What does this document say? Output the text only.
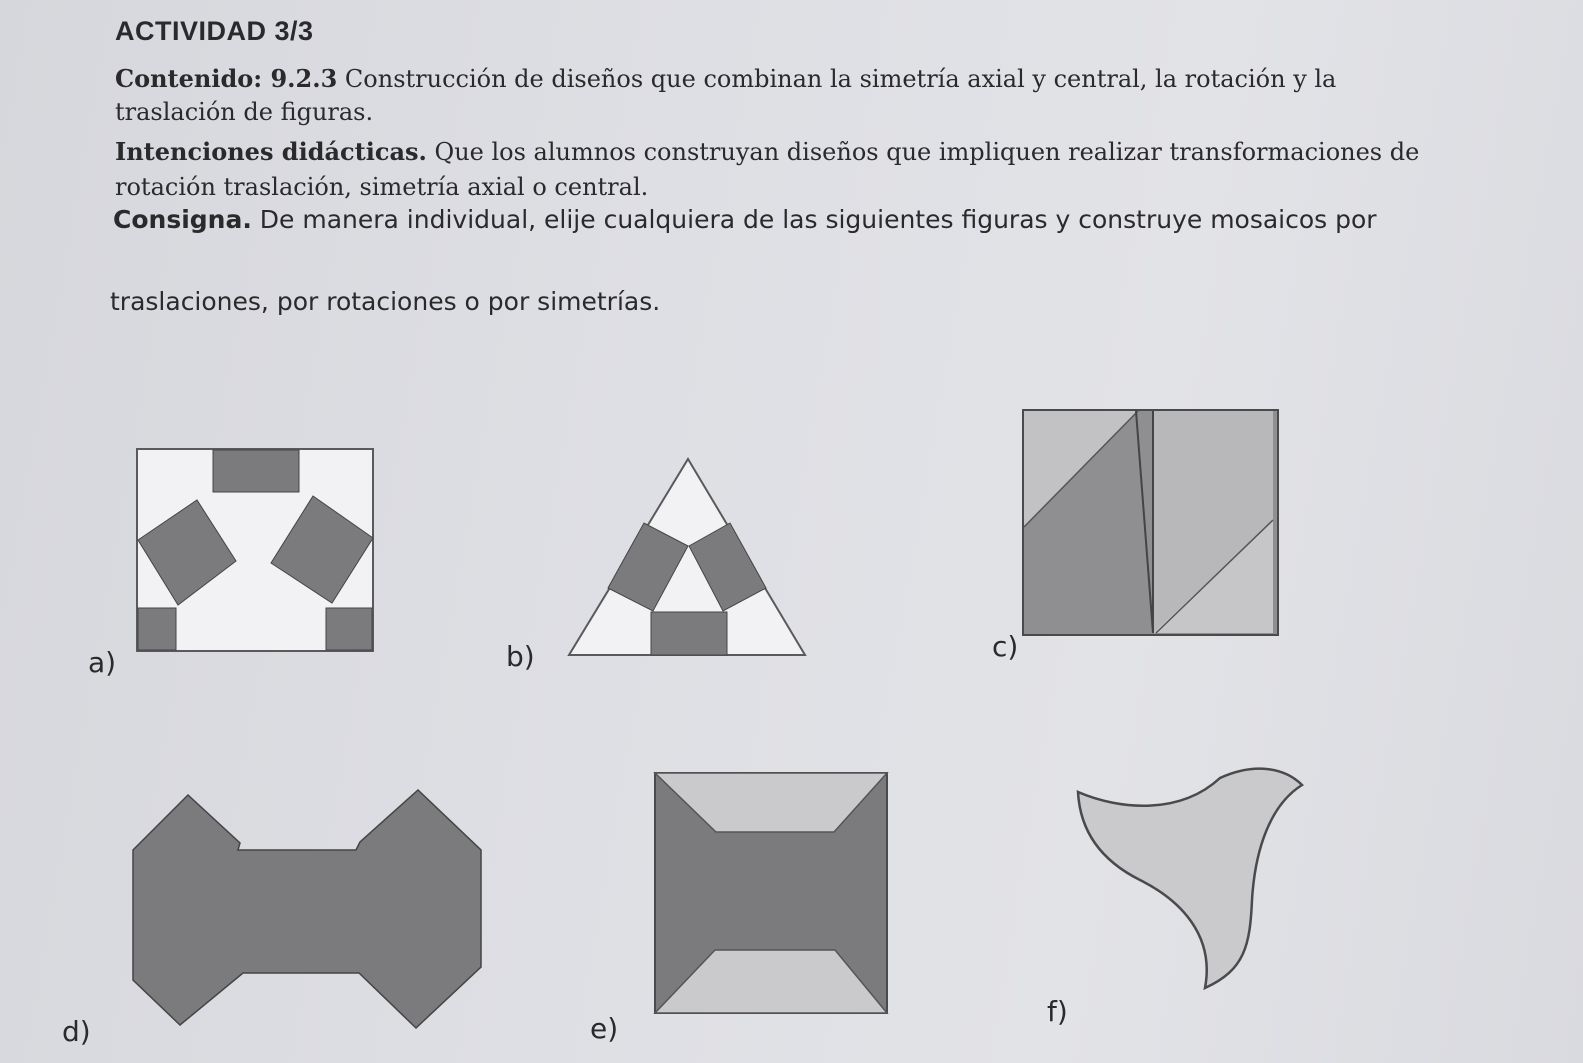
ACTIVIDAD 3/3
Contenido: 9.2.3 Construcción de diseños que combinan la simetría axial y central, la rotación y la traslación de figuras.
Intenciones didácticas. Que los alumnos construyan diseños que impliquen realizar transformaciones de rotación traslación, simetría axial o central.
Consigna. De manera individual, elije cualquiera de las siguientes figuras y construye mosaicos por
traslaciones, por rotaciones o por simetrías.
a)	b)	c)
d)	e)
f)
